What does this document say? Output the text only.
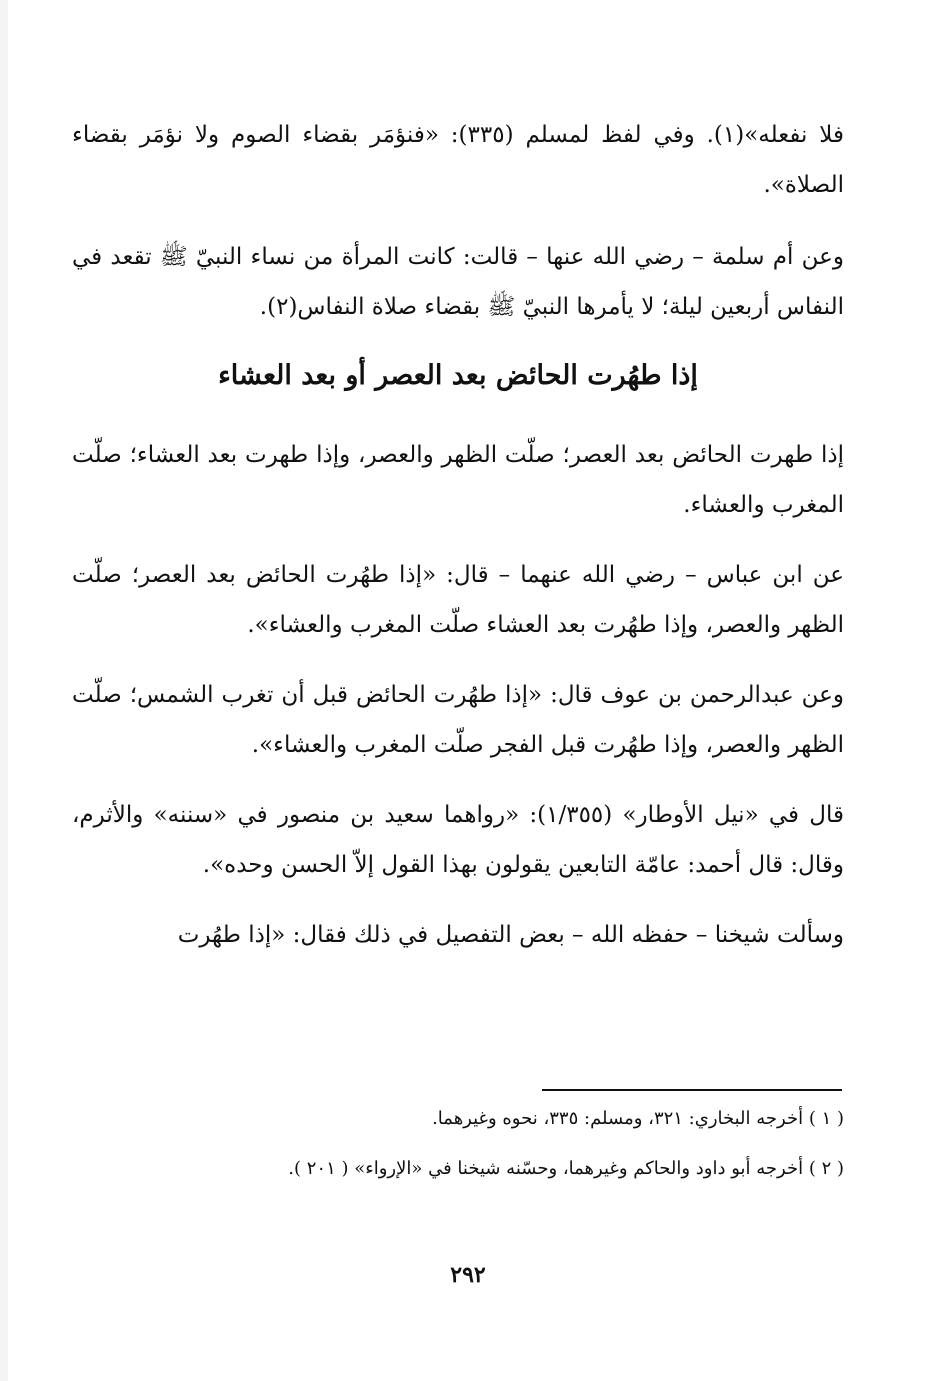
فلا نفعله»(١). وفي لفظ لمسلم (٣٣٥): «فنؤمَر بقضاء الصوم ولا نؤمَر بقضاء الصلاة».

وعن أم سلمة – رضي الله عنها – قالت: كانت المرأة من نساء النبيّ ﷺ تقعد في النفاس أربعين ليلة؛ لا يأمرها النبيّ ﷺ بقضاء صلاة النفاس(٢).

إذا طهُرت الحائض بعد العصر أو بعد العشاء

إذا طهرت الحائض بعد العصر؛ صلّت الظهر والعصر، وإذا طهرت بعد العشاء؛ صلّت المغرب والعشاء.

عن ابن عباس – رضي الله عنهما – قال: «إذا طهُرت الحائض بعد العصر؛ صلّت الظهر والعصر، وإذا طهُرت بعد العشاء صلّت المغرب والعشاء».

وعن عبدالرحمن بن عوف قال: «إذا طهُرت الحائض قبل أن تغرب الشمس؛ صلّت الظهر والعصر، وإذا طهُرت قبل الفجر صلّت المغرب والعشاء».

قال في «نيل الأوطار» (١/٣٥٥): «رواهما سعيد بن منصور في «سننه» والأثرم، وقال: قال أحمد: عامّة التابعين يقولون بهذا القول إلاّ الحسن وحده».

وسألت شيخنا – حفظه الله – بعض التفصيل في ذلك فقال: «إذا طهُرت

( ١ ) أخرجه البخاري: ٣٢١، ومسلم: ٣٣٥، نحوه وغيرهما.

( ٢ ) أخرجه أبو داود والحاكم وغيرهما، وحسّنه شيخنا في «الإرواء» ( ٢٠١ ).

٢٩٢
